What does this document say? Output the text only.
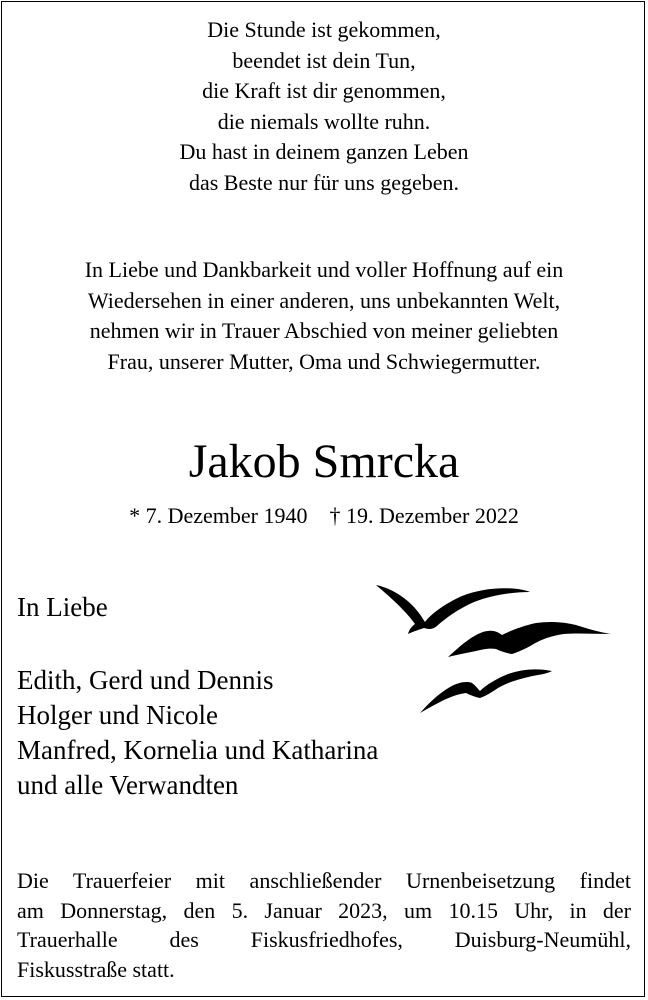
Die Stunde ist gekommen,
beendet ist dein Tun,
die Kraft ist dir genommen,
die niemals wollte ruhn.
Du hast in deinem ganzen Leben
das Beste nur für uns gegeben.
In Liebe und Dankbarkeit und voller Hoffnung auf ein
Wiedersehen in einer anderen, uns unbekannten Welt,
nehmen wir in Trauer Abschied von meiner geliebten
Frau, unserer Mutter, Oma und Schwiegermutter.
Jakob Smrcka
* 7. Dezember 1940 † 19. Dezember 2022
In Liebe
Edith, Gerd und Dennis
Holger und Nicole
Manfred, Kornelia und Katharina
und alle Verwandten
Die Trauerfeier mit anschließender Urnenbeisetzung findet
am Donnerstag, den 5. Januar 2023, um 10.15 Uhr, in der
Trauerhalle des Fiskusfriedhofes, Duisburg-Neumühl,
Fiskusstraße statt.
